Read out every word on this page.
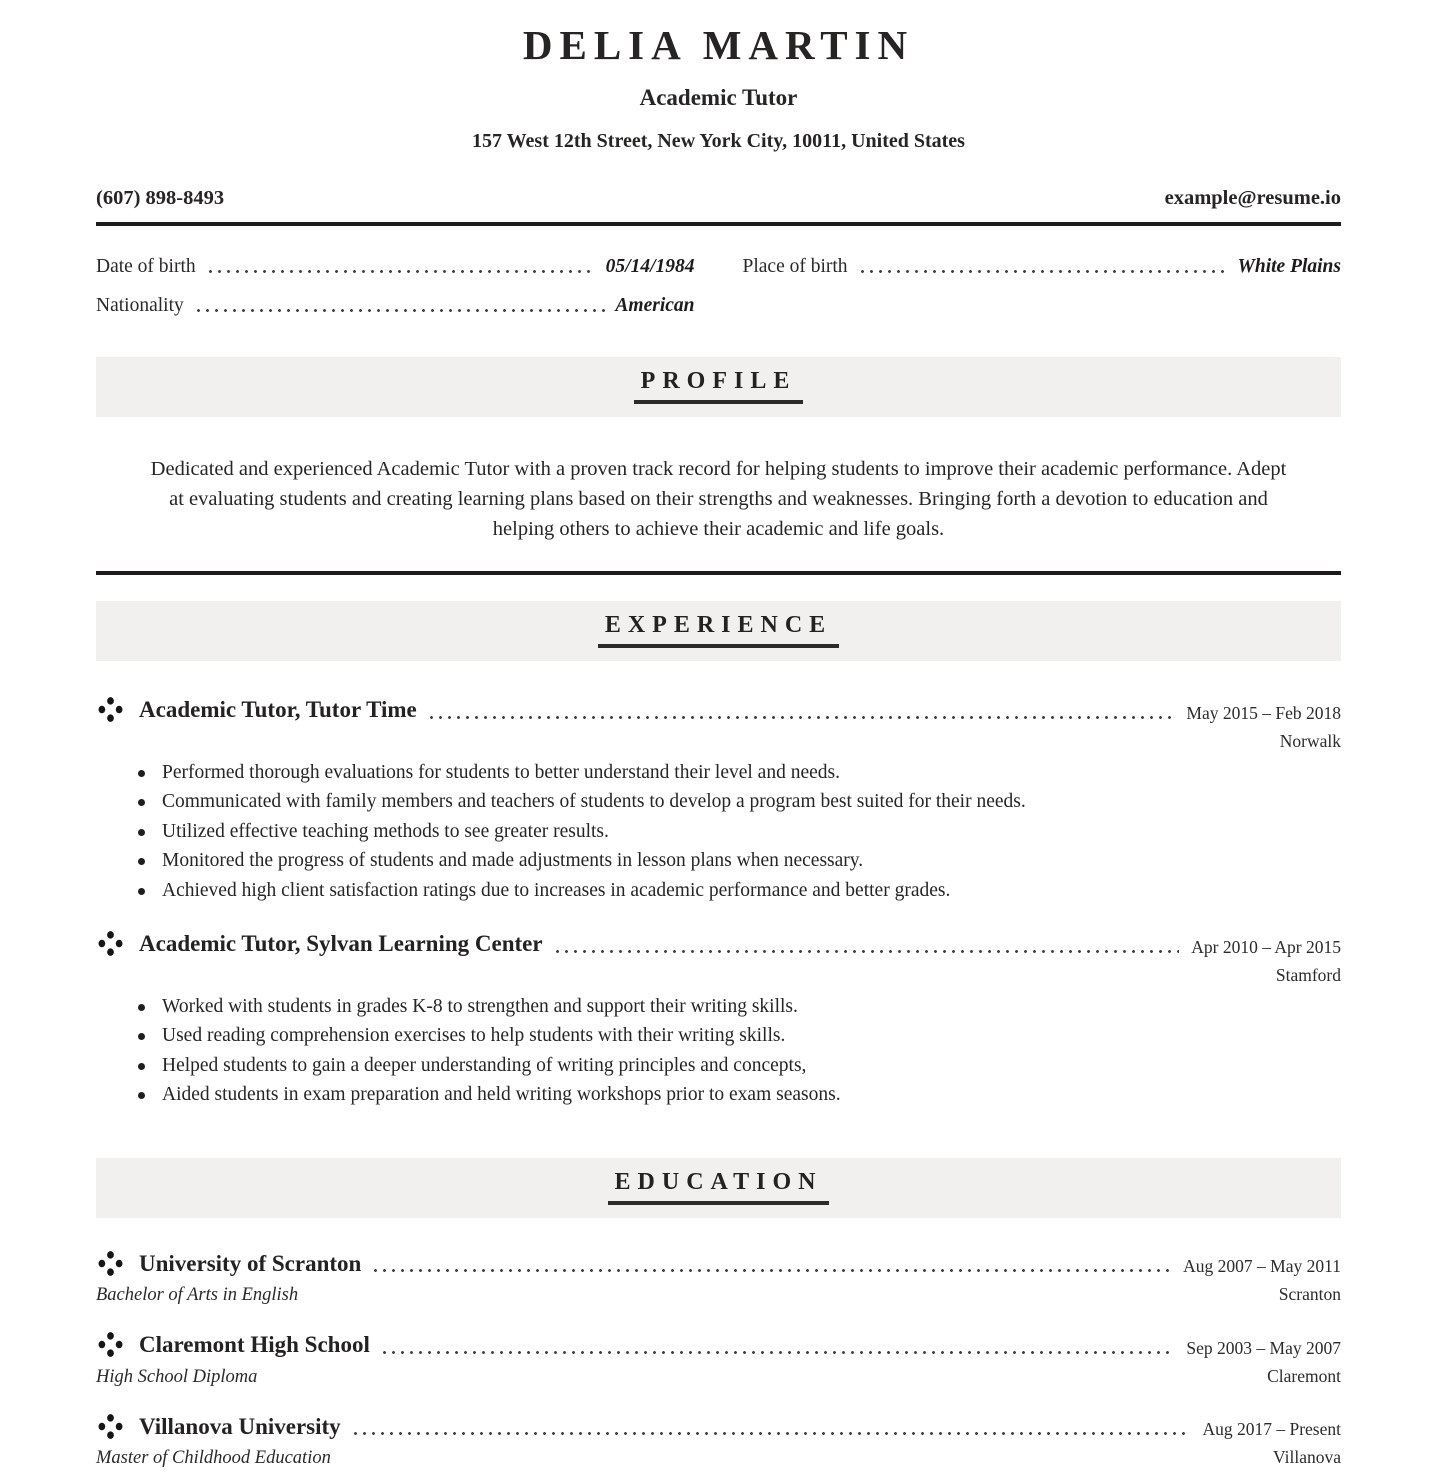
DELIA MARTIN
Academic Tutor
157 West 12th Street, New York City, 10011, United States
(607) 898-8493	example@resume.io
Date of birth	05/14/1984 Place of birth	White Plains
Nationality	American
PROFILE

Dedicated and experienced Academic Tutor with a proven track record for helping students to improve their academic performance. Adept at evaluating students and creating learning plans based on their strengths and weaknesses. Bringing forth a devotion to education and helping others to achieve their academic and life goals.

EXPERIENCE
Academic Tutor, Tutor Time	May 2015 – Feb 2018
Norwalk
Performed thorough evaluations for students to better understand their level and needs.
Communicated with family members and teachers of students to develop a program best suited for their needs.
Utilized effective teaching methods to see greater results.
Monitored the progress of students and made adjustments in lesson plans when necessary.
Achieved high client satisfaction ratings due to increases in academic performance and better grades.
Academic Tutor, Sylvan Learning Center	Apr 2010 – Apr 2015
Stamford
Worked with students in grades K-8 to strengthen and support their writing skills.
Used reading comprehension exercises to help students with their writing skills.
Helped students to gain a deeper understanding of writing principles and concepts,
Aided students in exam preparation and held writing workshops prior to exam seasons.
EDUCATION
University of Scranton	Aug 2007 – May 2011
Bachelor of Arts in English	Scranton
Claremont High School	Sep 2003 – May 2007
High School Diploma	Claremont
Villanova University	Aug 2017 – Present
Master of Childhood Education	Villanova
